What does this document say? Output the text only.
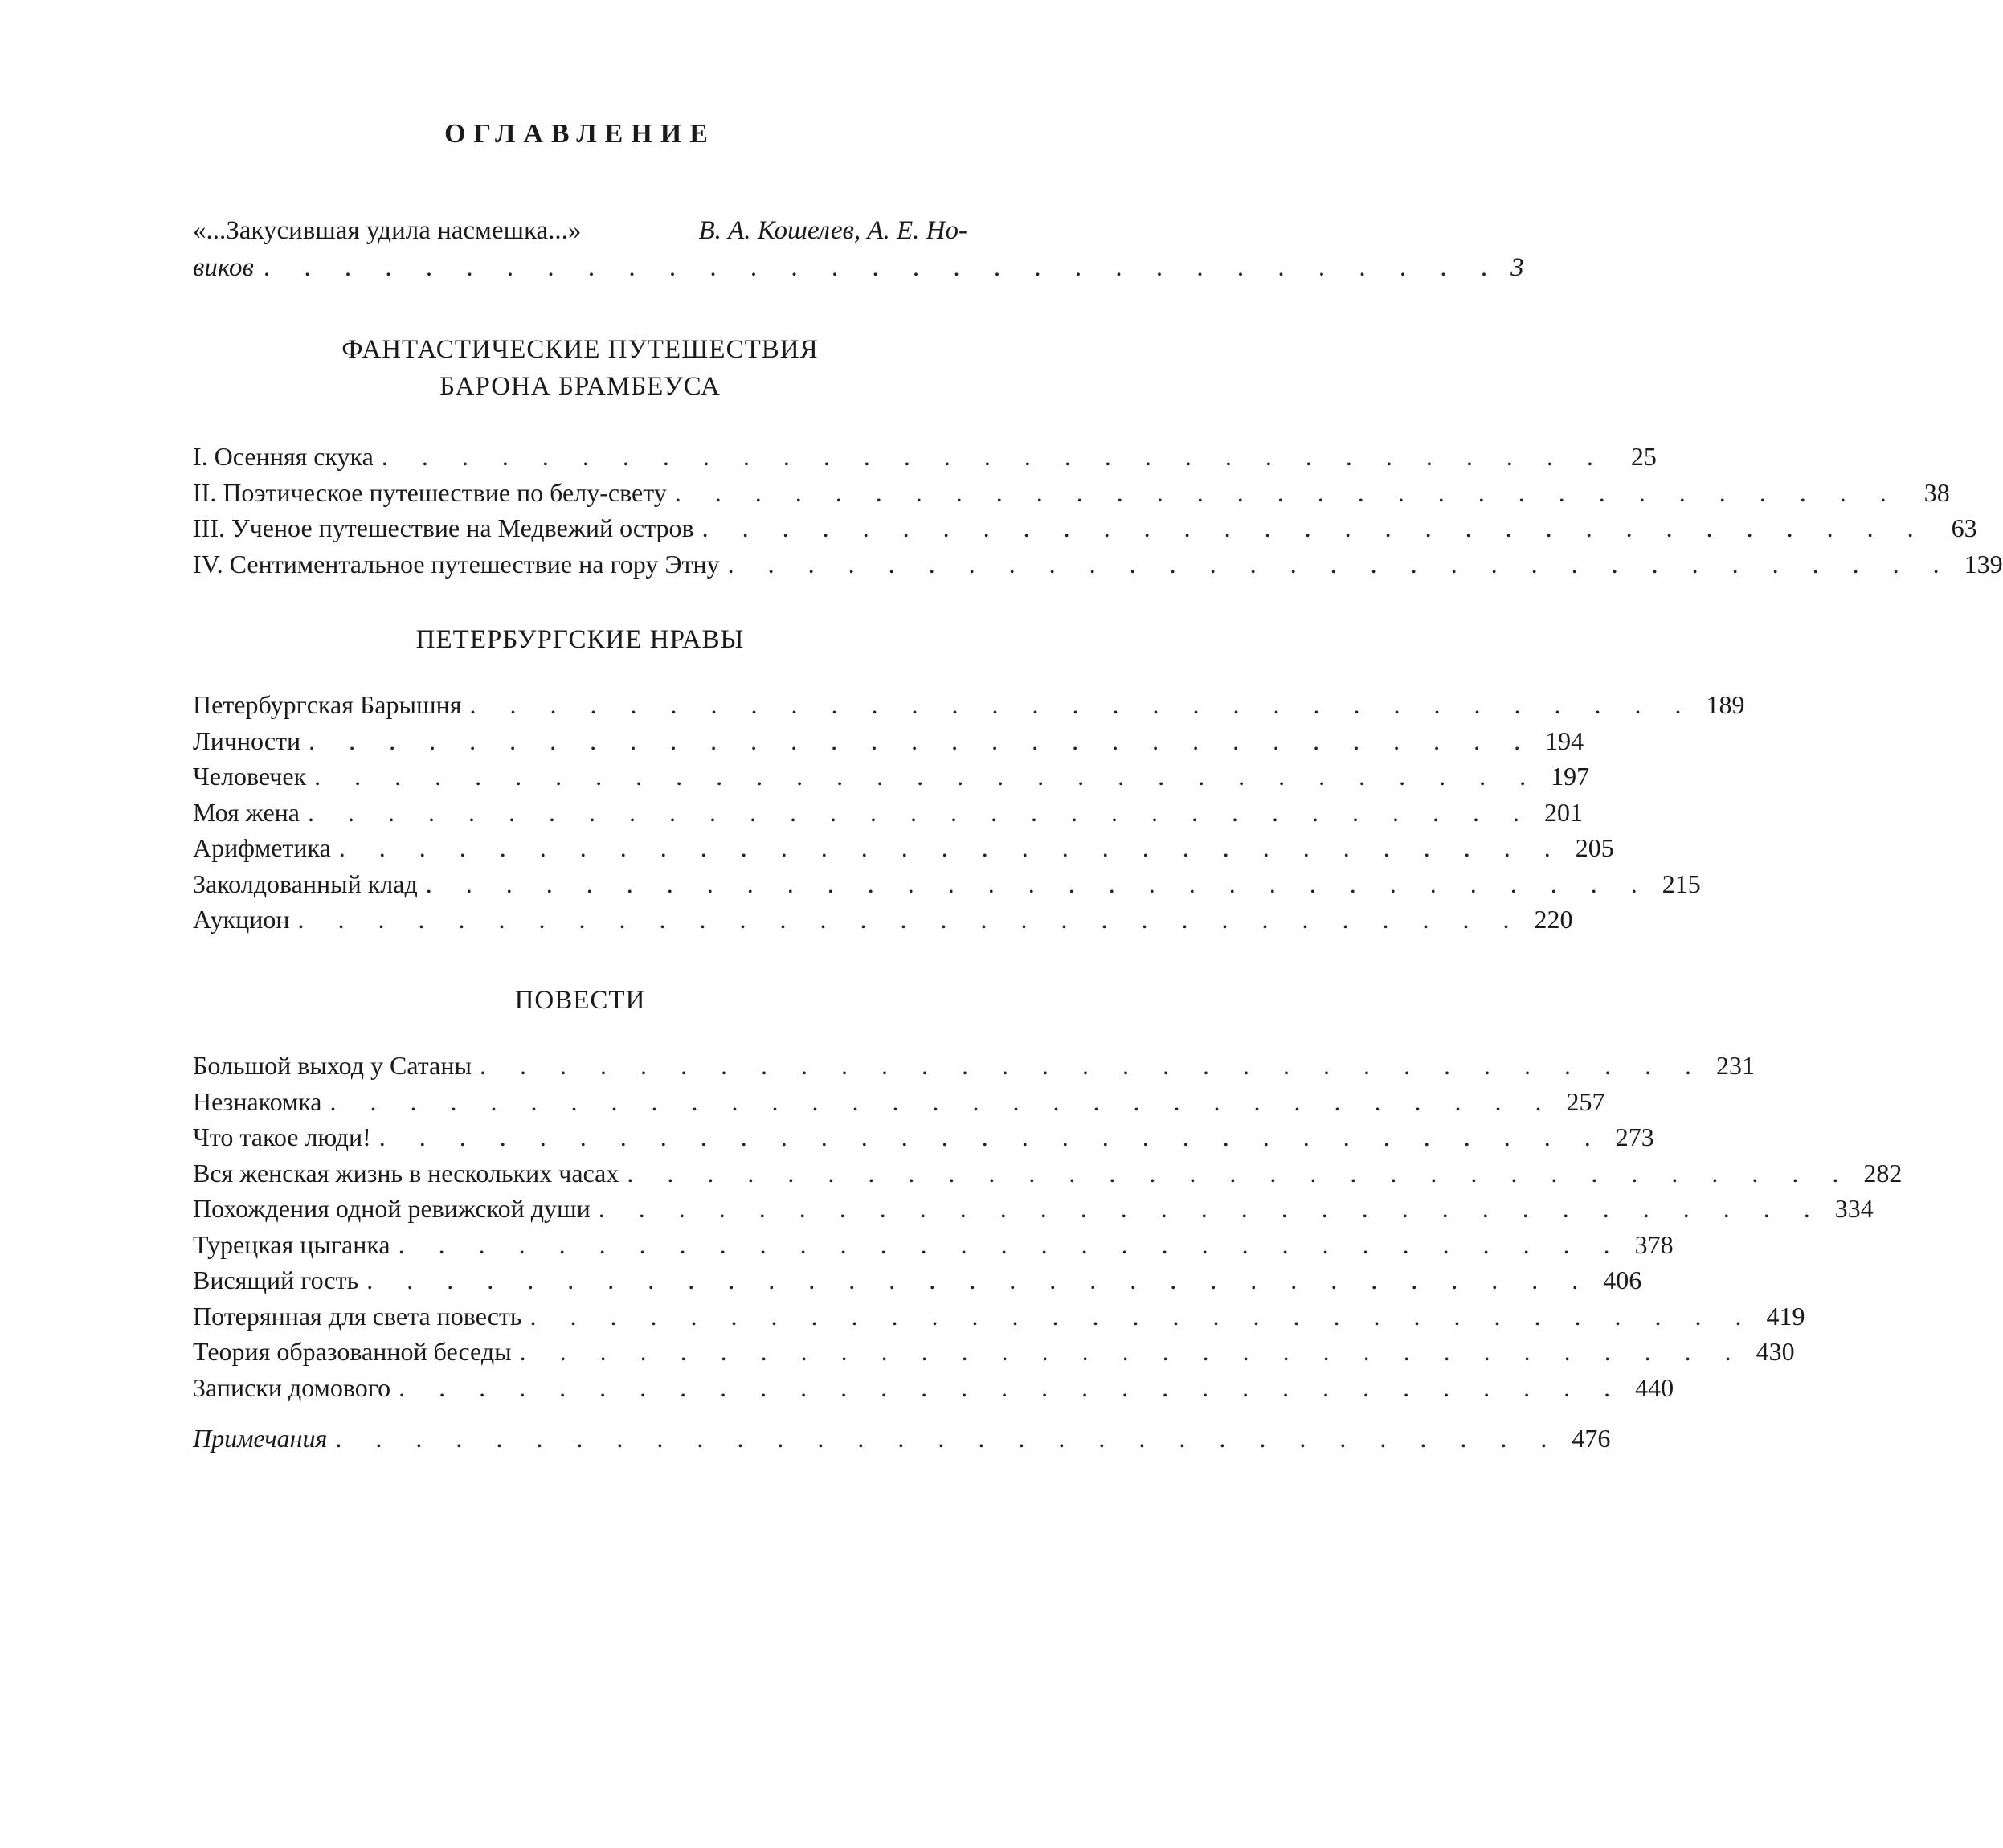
ОГЛАВЛЕНИЕ
«...Закусившая удила насмешка...»	В. А. Кошелев, А. Е. Но-
виков . . . . . . . . . . . . . . . . . . . . . . . . . . . . . . . 3
ФАНТАСТИЧЕСКИЕ ПУТЕШЕСТВИЯ
БАРОНА БРАМБЕУСА
I. Осенняя скука . . . . . . . . . . . . . . . . . . . . . . . . . . . . . . . 25
II. Поэтическое путешествие по белу-свету . . . . . . . . . . . . . . . . . . . . . . . . . . . . . . . 38
III. Ученое путешествие на Медвежий остров . . . . . . . . . . . . . . . . . . . . . . . . . . . . . . . 63
IV. Сентиментальное путешествие на гору Этну . . . . . . . . . . . . . . . . . . . . . . . . . . . . . . . 139
ПЕТЕРБУРГСКИЕ НРАВЫ
Петербургская Барышня . . . . . . . . . . . . . . . . . . . . . . . . . . . . . . . 189
Личности . . . . . . . . . . . . . . . . . . . . . . . . . . . . . . . 194
Человечек . . . . . . . . . . . . . . . . . . . . . . . . . . . . . . . 197
Моя жена . . . . . . . . . . . . . . . . . . . . . . . . . . . . . . . 201
Арифметика . . . . . . . . . . . . . . . . . . . . . . . . . . . . . . . 205
Заколдованный клад . . . . . . . . . . . . . . . . . . . . . . . . . . . . . . . 215
Аукцион . . . . . . . . . . . . . . . . . . . . . . . . . . . . . . . 220
ПОВЕСТИ
Большой выход у Сатаны . . . . . . . . . . . . . . . . . . . . . . . . . . . . . . . 231
Незнакомка . . . . . . . . . . . . . . . . . . . . . . . . . . . . . . . 257
Что такое люди! . . . . . . . . . . . . . . . . . . . . . . . . . . . . . . . 273
Вся женская жизнь в нескольких часах . . . . . . . . . . . . . . . . . . . . . . . . . . . . . . . 282
Похождения одной ревижской души . . . . . . . . . . . . . . . . . . . . . . . . . . . . . . . 334
Турецкая цыганка . . . . . . . . . . . . . . . . . . . . . . . . . . . . . . . 378
Висящий гость . . . . . . . . . . . . . . . . . . . . . . . . . . . . . . . 406
Потерянная для света повесть . . . . . . . . . . . . . . . . . . . . . . . . . . . . . . . 419
Теория образованной беседы . . . . . . . . . . . . . . . . . . . . . . . . . . . . . . . 430
Записки домового . . . . . . . . . . . . . . . . . . . . . . . . . . . . . . . 440
Примечания . . . . . . . . . . . . . . . . . . . . . . . . . . . . . . . 476
